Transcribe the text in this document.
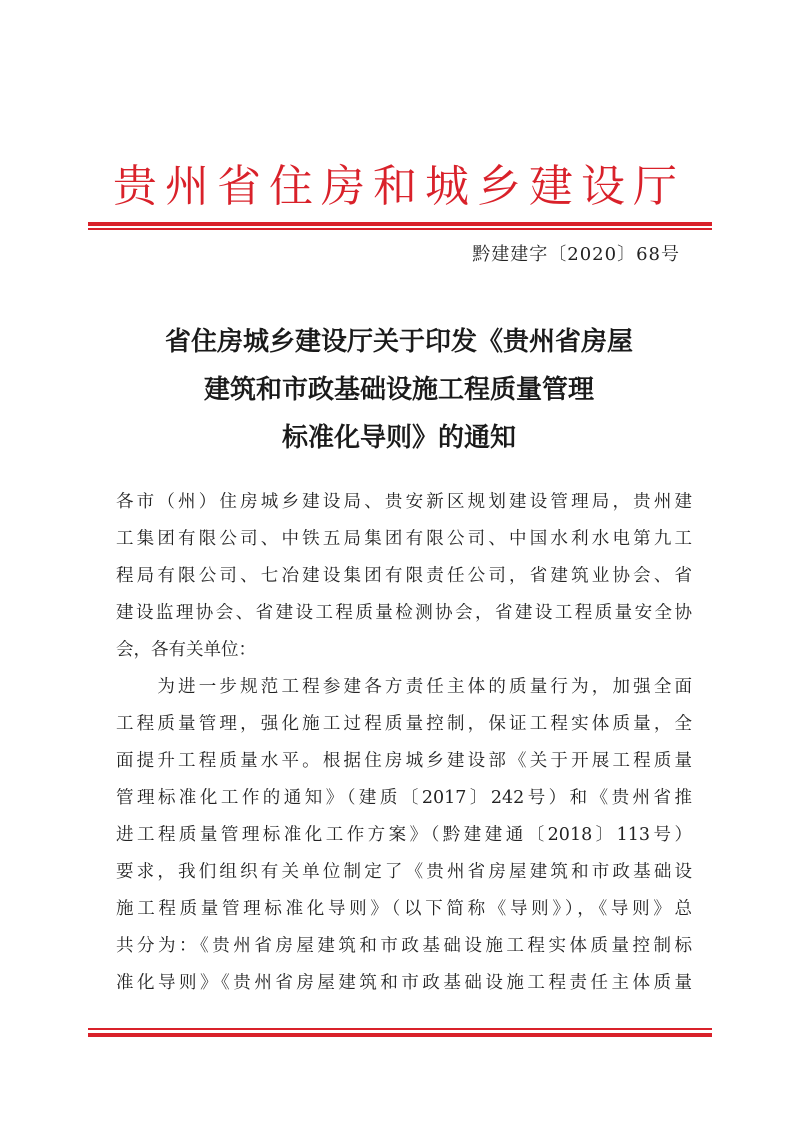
贵州省住房和城乡建设厅
黔建建字〔2020〕68号
省住房城乡建设厅关于印发《贵州省房屋
建筑和市政基础设施工程质量管理
标准化导则》的通知
各市（州）住房城乡建设局、贵安新区规划建设管理局，贵州建
工集团有限公司、中铁五局集团有限公司、中国水利水电第九工
程局有限公司、七冶建设集团有限责任公司，省建筑业协会、省
建设监理协会、省建设工程质量检测协会，省建设工程质量安全协
会，各有关单位：
　　为进一步规范工程参建各方责任主体的质量行为，加强全面
工程质量管理，强化施工过程质量控制，保证工程实体质量，全
面提升工程质量水平。根据住房城乡建设部《关于开展工程质量
管理标准化工作的通知》（建质〔2017〕242号）和《贵州省推
进工程质量管理标准化工作方案》（黔建建通〔2018〕113号）
要求，我们组织有关单位制定了《贵州省房屋建筑和市政基础设
施工程质量管理标准化导则》（以下简称《导则》），《导则》总
共分为：《贵州省房屋建筑和市政基础设施工程实体质量控制标
准化导则》《贵州省房屋建筑和市政基础设施工程责任主体质量
